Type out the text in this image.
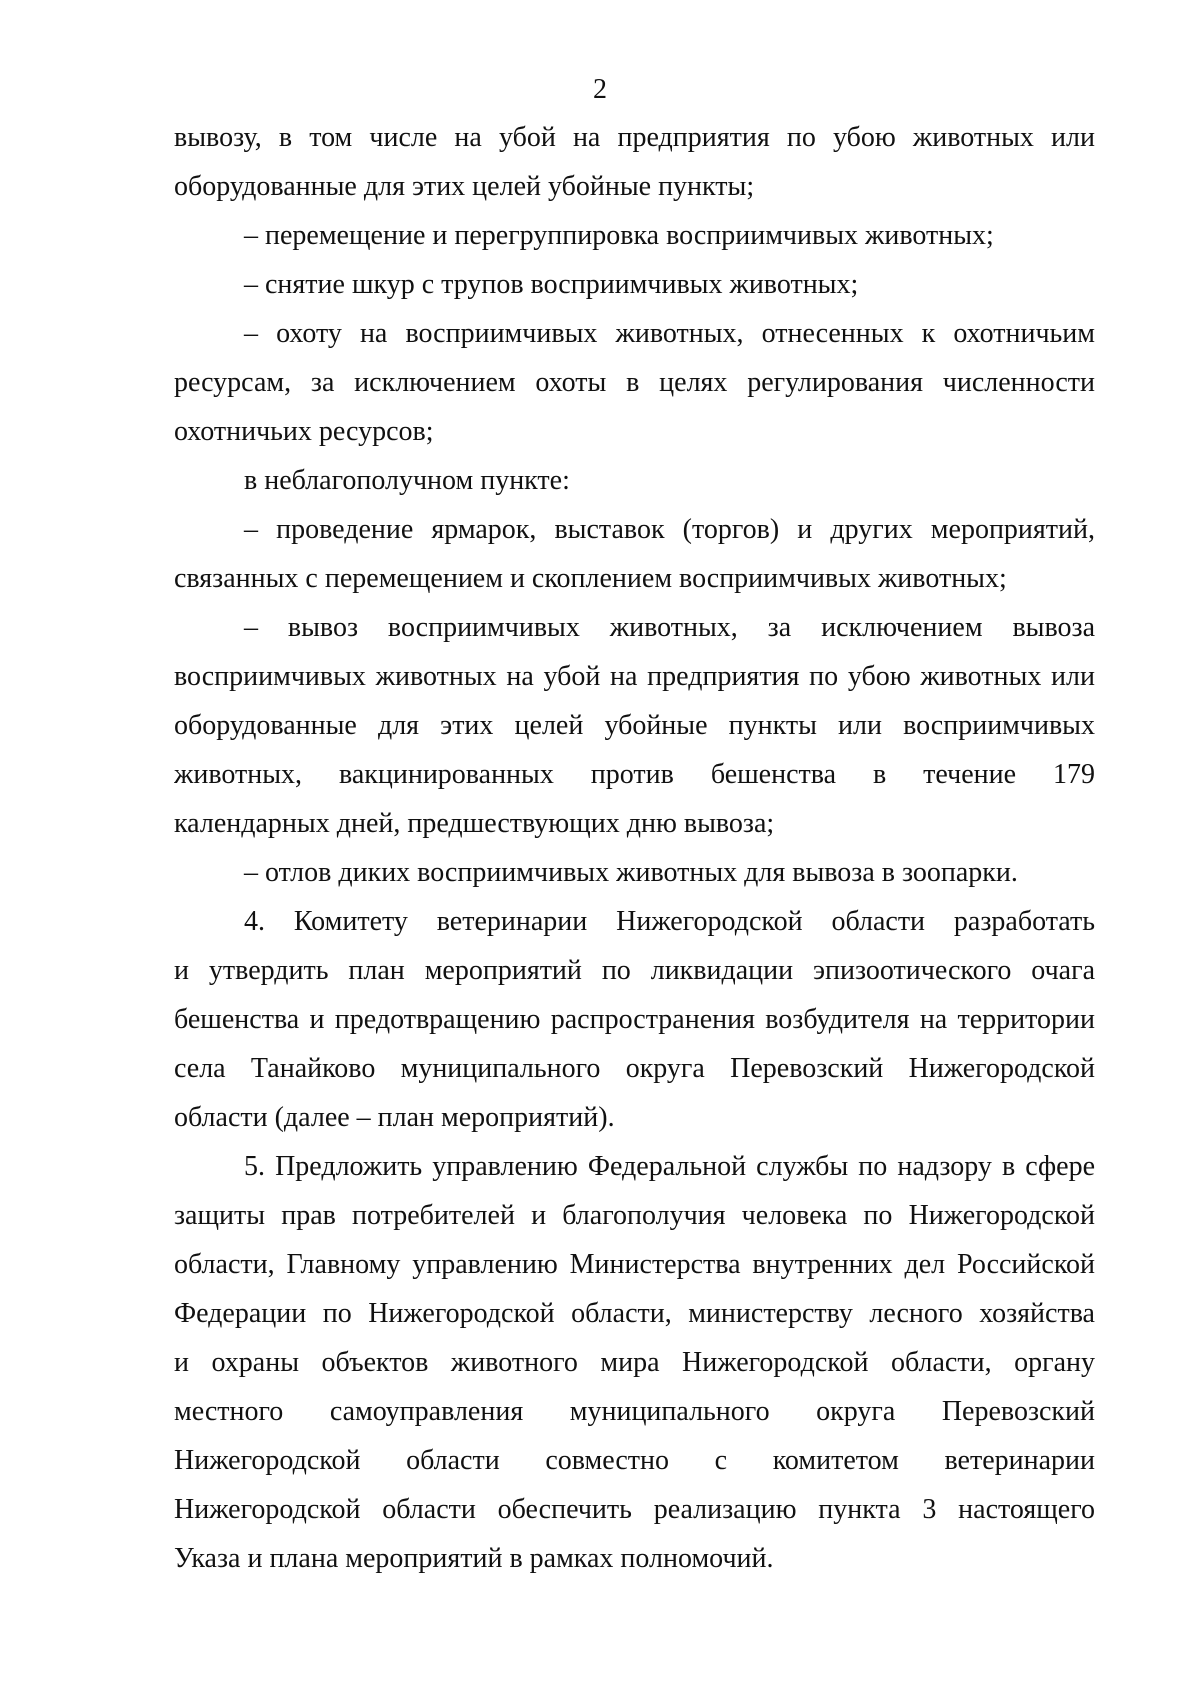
2
вывозу, в том числе на убой на предприятия по убою животных или
оборудованные для этих целей убойные пункты;
– перемещение и перегруппировка восприимчивых животных;
– снятие шкур с трупов восприимчивых животных;
– охоту на восприимчивых животных, отнесенных к охотничьим
ресурсам, за исключением охоты в целях регулирования численности
охотничьих ресурсов;
в неблагополучном пункте:
– проведение ярмарок, выставок (торгов) и других мероприятий,
связанных с перемещением и скоплением восприимчивых животных;
– вывоз восприимчивых животных, за исключением вывоза
восприимчивых животных на убой на предприятия по убою животных или
оборудованные для этих целей убойные пункты или восприимчивых
животных, вакцинированных против бешенства в течение 179
календарных дней, предшествующих дню вывоза;
– отлов диких восприимчивых животных для вывоза в зоопарки.
4. Комитету ветеринарии Нижегородской области разработать
и утвердить план мероприятий по ликвидации эпизоотического очага
бешенства и предотвращению распространения возбудителя на территории
села Танайково муниципального округа Перевозский Нижегородской
области (далее – план мероприятий).
5. Предложить управлению Федеральной службы по надзору в сфере
защиты прав потребителей и благополучия человека по Нижегородской
области, Главному управлению Министерства внутренних дел Российской
Федерации по Нижегородской области, министерству лесного хозяйства
и охраны объектов животного мира Нижегородской области, органу
местного самоуправления муниципального округа Перевозский
Нижегородской области совместно с комитетом ветеринарии
Нижегородской области обеспечить реализацию пункта 3 настоящего
Указа и плана мероприятий в рамках полномочий.
